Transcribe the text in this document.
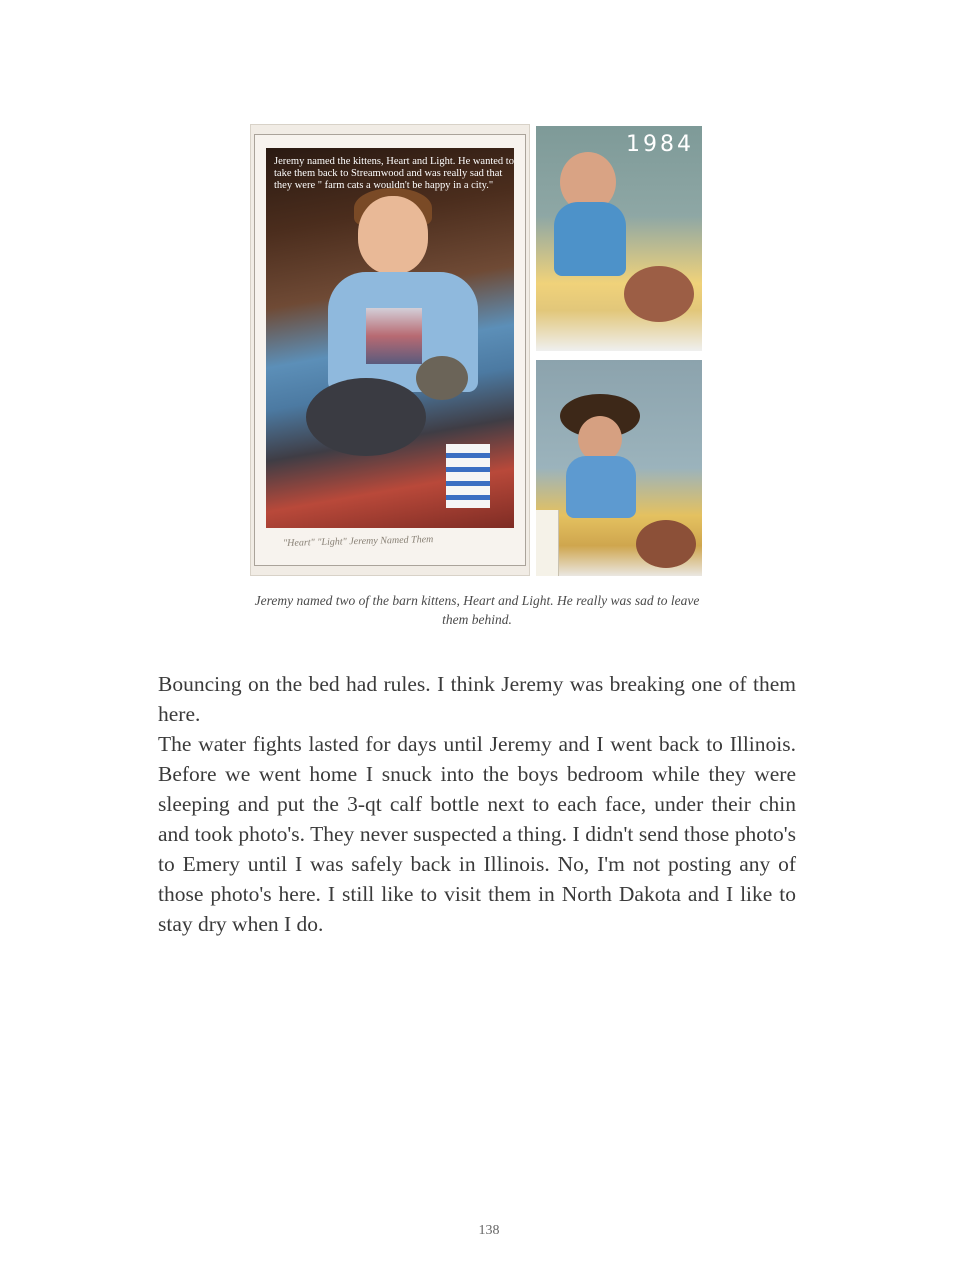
Jeremy named the kittens, Heart and Light. He wanted to take them back to Streamwood and was really sad that they were " farm cats a wouldn't be happy in a city."

"Heart" "Light" Jeremy Named Them

1984

Jeremy named two of the barn kittens, Heart and Light. He really was sad to leave them behind.

Bouncing on the bed had rules. I think Jeremy was breaking one of them here.

The water fights lasted for days until Jeremy and I went back to Illinois. Before we went home I snuck into the boys bedroom while they were sleeping and put the 3-qt calf bottle next to each face, under their chin and took photo's. They never suspected a thing. I didn't send those photo's to Emery until I was safely back in Illinois. No, I'm not posting any of those photo's here. I still like to visit them in North Dakota and I like to stay dry when I do.

138
